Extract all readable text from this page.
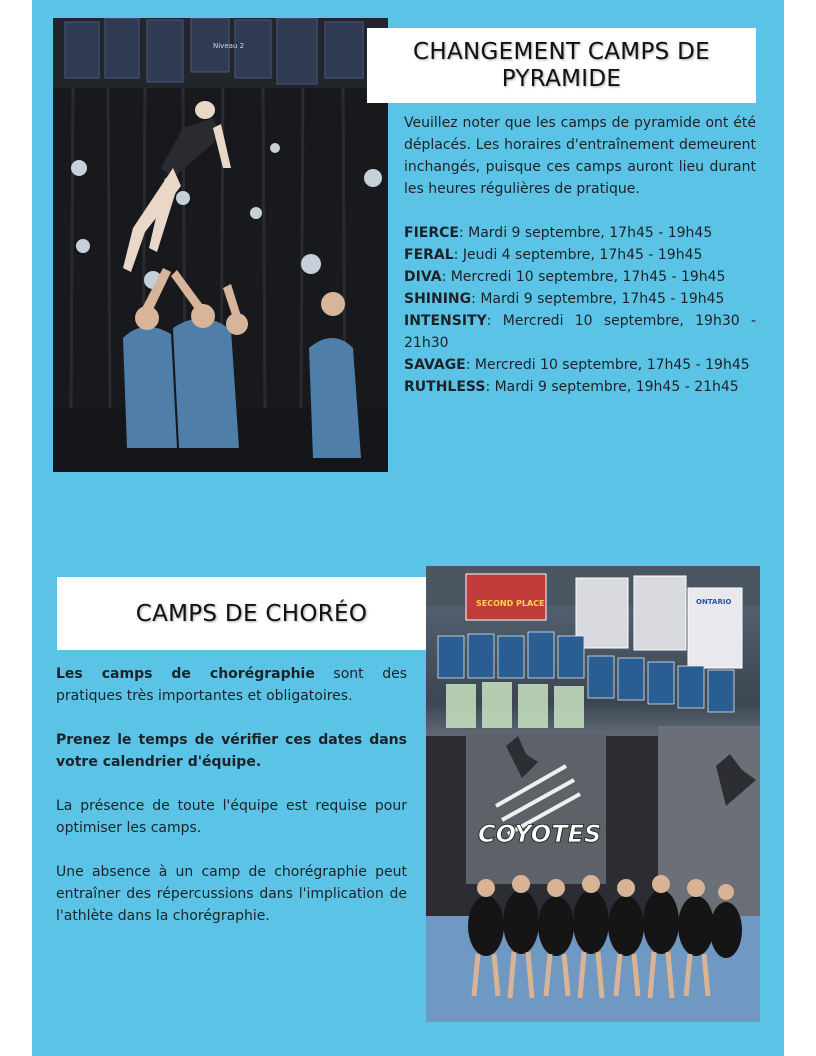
Niveau 2	CHANGEMENT CAMPS DE PYRAMIDE

Veuillez noter que les camps de pyramide ont été déplacés. Les horaires d'entraînement demeurent inchangés, puisque ces camps auront lieu durant les heures régulières de pratique.

FIERCE: Mardi 9 septembre, 17h45 - 19h45

FERAL: Jeudi 4 septembre, 17h45 - 19h45

DIVA: Mercredi 10 septembre, 17h45 - 19h45

SHINING: Mardi 9 septembre, 17h45 - 19h45

INTENSITY: Mercredi 10 septembre, 19h30 - 21h30

SAVAGE: Mercredi 10 septembre, 17h45 - 19h45

RUTHLESS: Mardi 9 septembre, 19h45 - 21h45

CAMPS DE CHORÉO

Les camps de chorégraphie sont des pratiques très importantes et obligatoires.

Prenez le temps de vérifier ces dates dans votre calendrier d'équipe.

La présence de toute l'équipe est requise pour optimiser les camps.

Une absence à un camp de chorégraphie peut entraîner des répercussions dans l'implication de l'athlète dans la chorégraphie.

SECOND PLACE	ONTARIO
COYOTES
